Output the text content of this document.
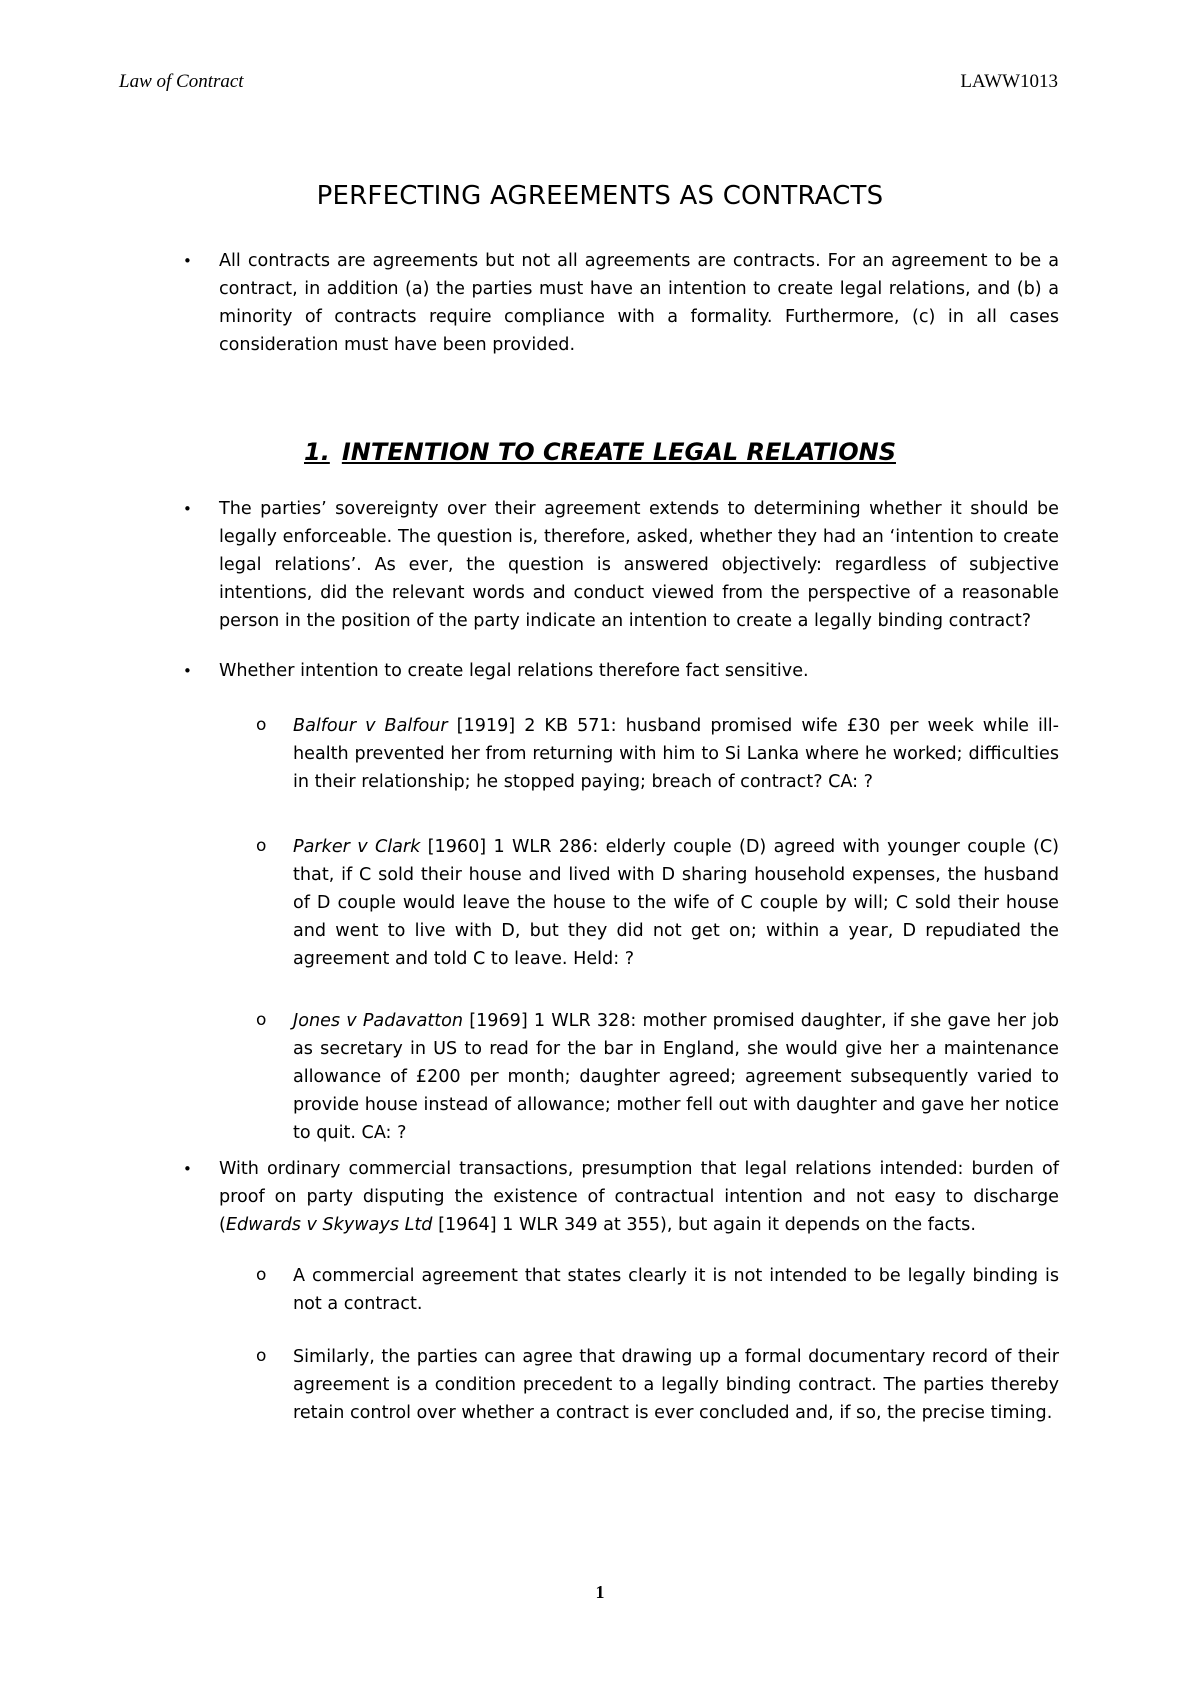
Law of Contract	LAWW1013
PERFECTING AGREEMENTS AS CONTRACTS
• All contracts are agreements but not all agreements are contracts. For an agreement to be a contract, in addition (a) the parties must have an intention to create legal relations, and (b) a minority of contracts require compliance with a formality. Furthermore, (c) in all cases consideration must have been provided.
1. INTENTION TO CREATE LEGAL RELATIONS
• The parties’ sovereignty over their agreement extends to determining whether it should be legally enforceable. The question is, therefore, asked, whether they had an ‘intention to create legal relations’. As ever, the question is answered objectively: regardless of subjective intentions, did the relevant words and conduct viewed from the perspective of a reasonable person in the position of the party indicate an intention to create a legally binding contract?
• Whether intention to create legal relations therefore fact sensitive.
o Balfour v Balfour [1919] 2 KB 571: husband promised wife £30 per week while ill-health prevented her from returning with him to Si Lanka where he worked; difficulties in their relationship; he stopped paying; breach of contract? CA: ?
o Parker v Clark [1960] 1 WLR 286: elderly couple (D) agreed with younger couple (C) that, if C sold their house and lived with D sharing household expenses, the husband of D couple would leave the house to the wife of C couple by will; C sold their house and went to live with D, but they did not get on; within a year, D repudiated the agreement and told C to leave. Held: ?
o Jones v Padavatton [1969] 1 WLR 328: mother promised daughter, if she gave her job as secretary in US to read for the bar in England, she would give her a maintenance allowance of £200 per month; daughter agreed; agreement subsequently varied to provide house instead of allowance; mother fell out with daughter and gave her notice to quit. CA: ?
• With ordinary commercial transactions, presumption that legal relations intended: burden of proof on party disputing the existence of contractual intention and not easy to discharge (Edwards v Skyways Ltd [1964] 1 WLR 349 at 355), but again it depends on the facts.
o A commercial agreement that states clearly it is not intended to be legally binding is not a contract.
o Similarly, the parties can agree that drawing up a formal documentary record of their agreement is a condition precedent to a legally binding contract. The parties thereby retain control over whether a contract is ever concluded and, if so, the precise timing.
1
